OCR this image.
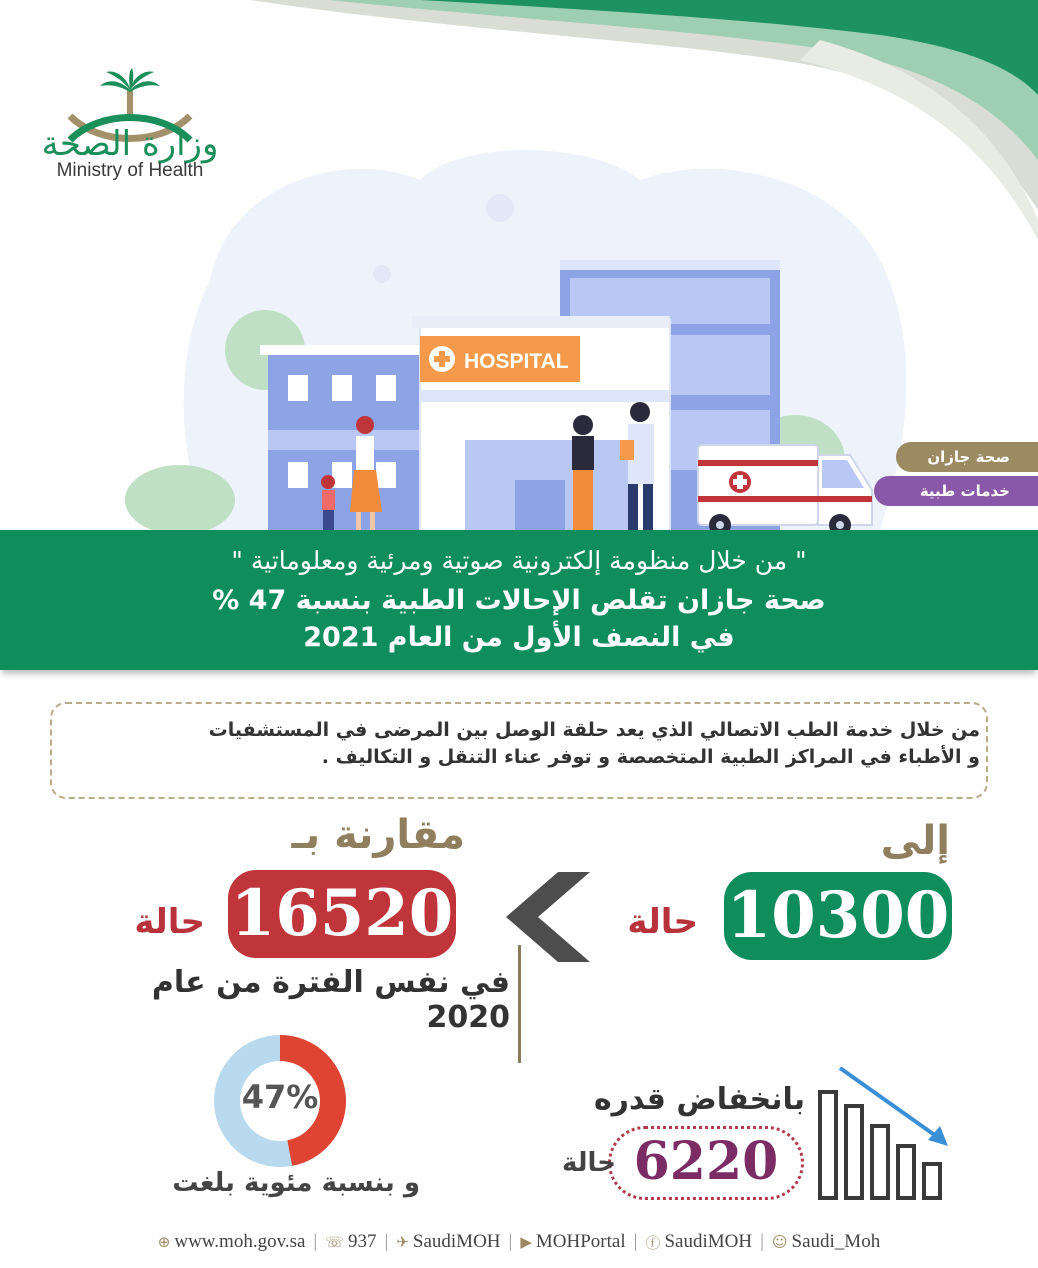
وزارة الصحة
Ministry of Health
HOSPITAL
صحة جازان
خدمات طبية
" من خلال منظومة إلكترونية صوتية ومرئية ومعلوماتية "
صحة جازان تقلص الإحالات الطبية بنسبة 47 %
في النصف الأول من العام 2021
من خلال خدمة الطب الاتصالي الذي يعد حلقة الوصل بين المرضى في المستشفيات
و الأطباء في المراكز الطبية المتخصصة و توفر عناء التنقل و التكاليف .
إلى
مقارنة بـ
10300
حالة
16520
حالة
في نفس الفترة من عام 2020
47%
و بنسبة مئوية بلغت
بانخفاض قدره
6220
حالة
⊕ www.moh.gov.sa | ☏ 937 | ✈ SaudiMOH | ▶ MOHPortal | ⓕ SaudiMOH | ☺ Saudi_Moh
